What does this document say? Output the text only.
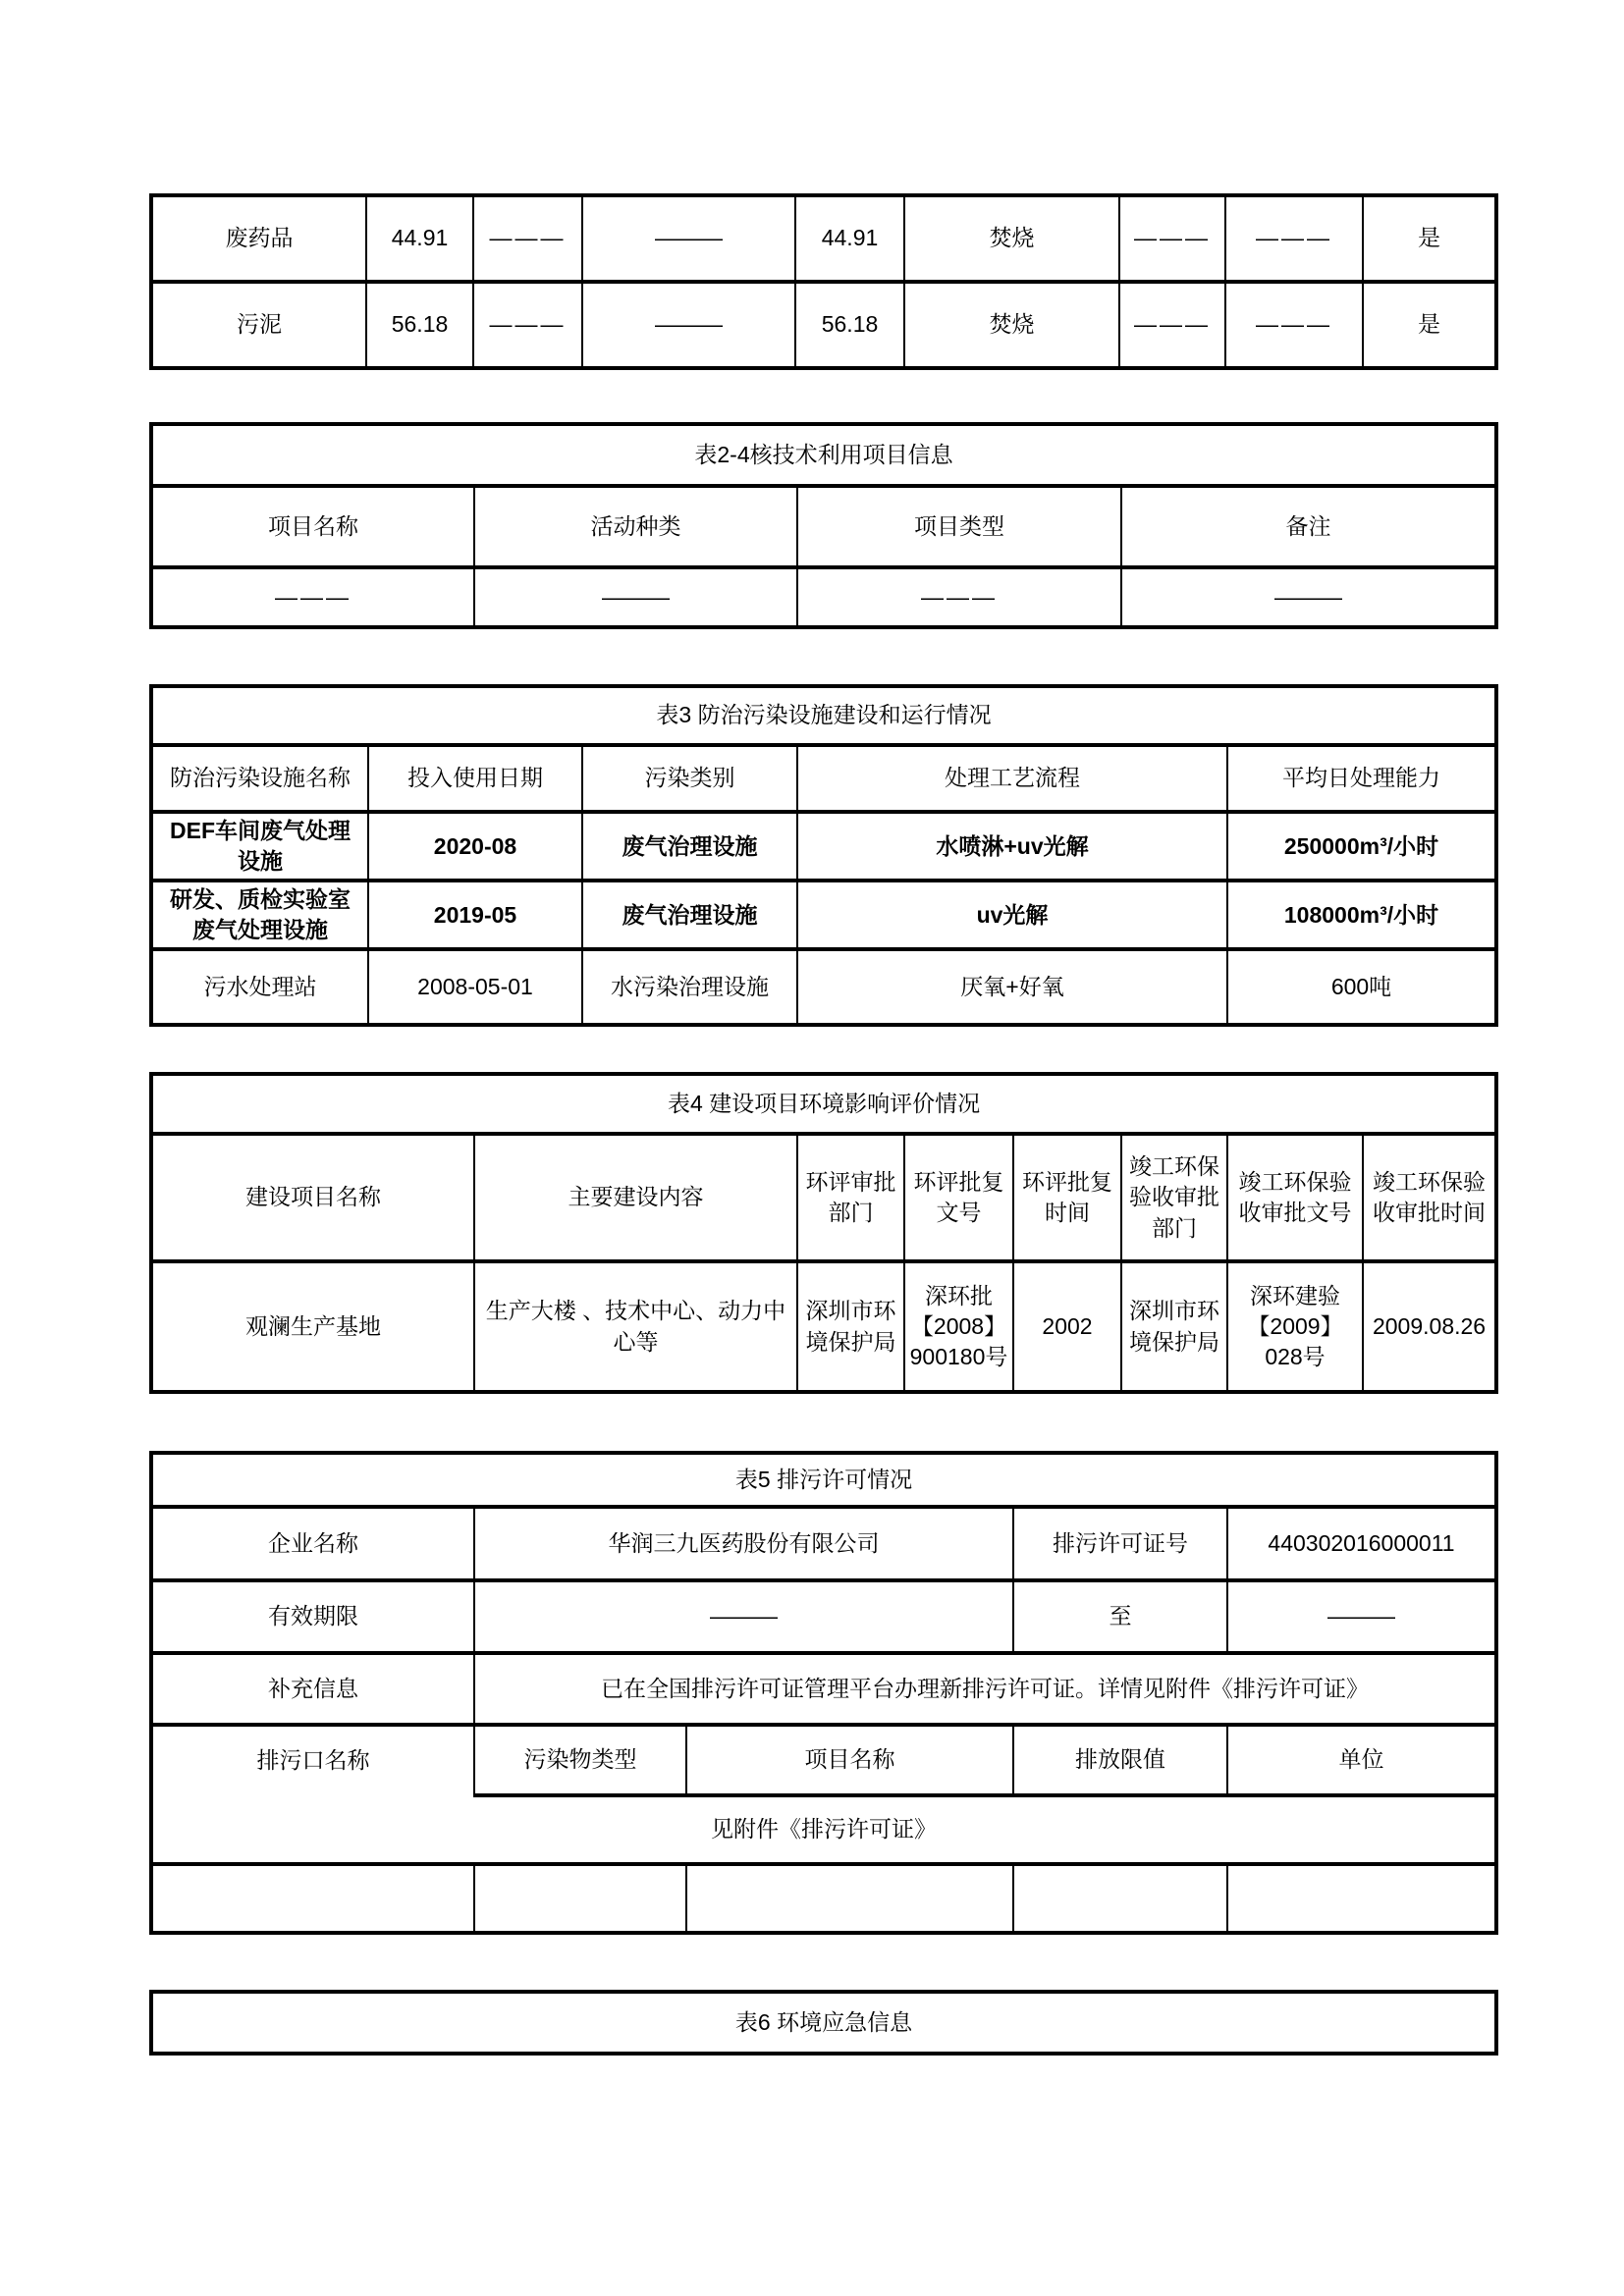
废药品	44.91	———	———	44.91	焚烧	———	———	是
污泥	56.18	———	———	56.18	焚烧	———	———	是
表2-4核技术利用项目信息			
项目名称	活动种类	项目类型	备注
———	———	———	———
表3 防治污染设施建设和运行情况				
防治污染设施名称	投入使用日期	污染类别	处理工艺流程	平均日处理能力
DEF车间废气处理设施	2020-08	废气治理设施	水喷淋+uv光解	250000m³/小时
研发、质检实验室废气处理设施	2019-05	废气治理设施	uv光解	108000m³/小时
污水处理站	2008-05-01	水污染治理设施	厌氧+好氧	600吨
表4 建设项目环境影响评价情况							
建设项目名称	主要建设内容	环评审批部门	环评批复文号	环评批复时间	竣工环保验收审批部门	竣工环保验收审批文号	竣工环保验收审批时间
观澜生产基地	生产大楼 、技术中心、动力中心等	深圳市环境保护局	深环批【2008】900180号	2002	深圳市环境保护局	深环建验【2009】028号	2009.08.26
表5 排污许可情况				
企业名称	华润三九医药股份有限公司		排污许可证号	440302016000011
有效期限	———		至	———
补充信息	已在全国排污许可证管理平台办理新排污许可证。详情见附件《排污许可证》			
排污口名称	污染物类型	项目名称	排放限值	单位
见附件《排污许可证》				

表6 环境应急信息
